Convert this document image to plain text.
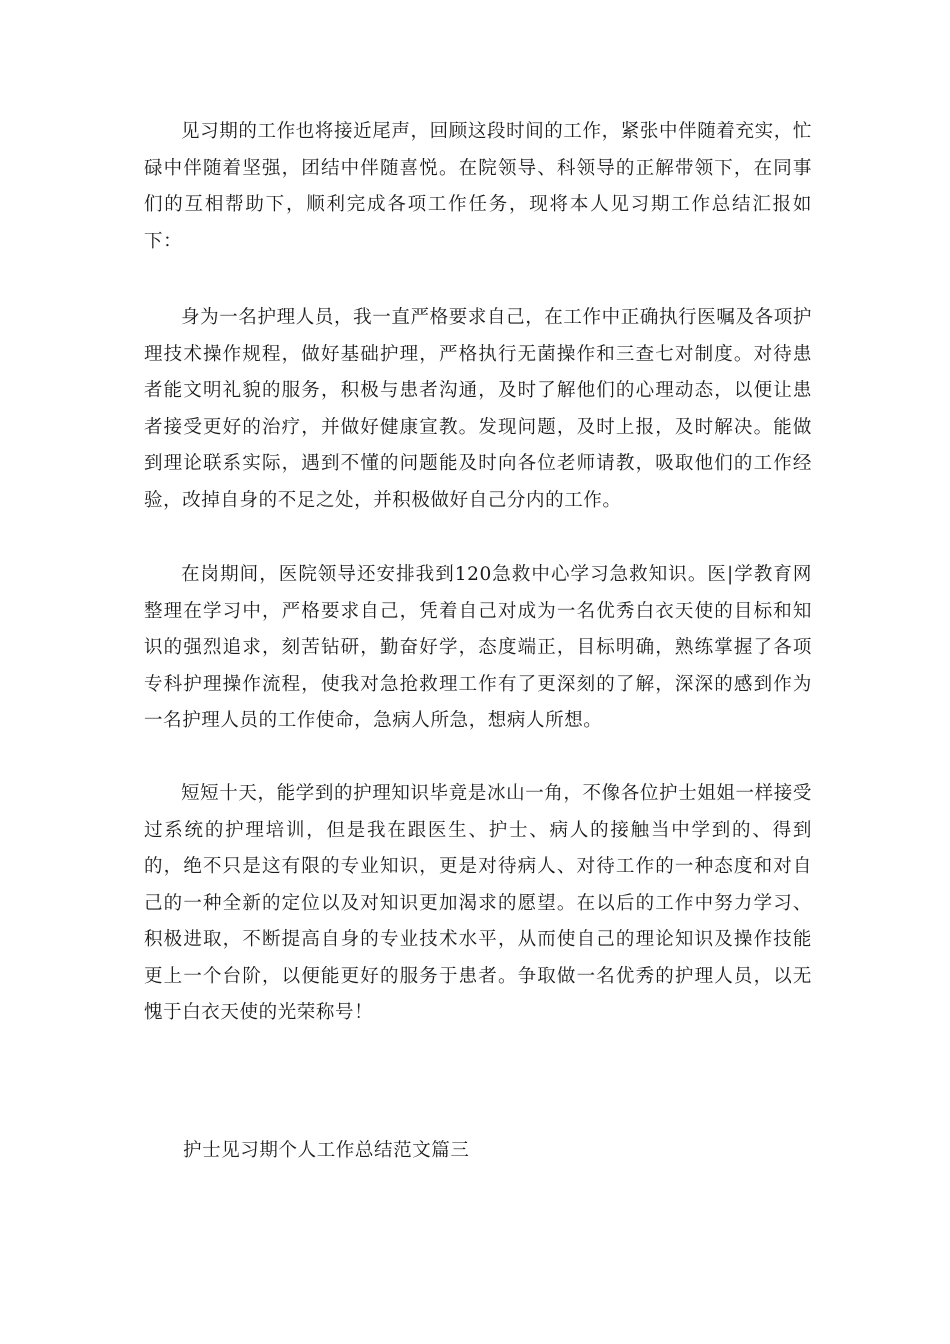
见习期的工作也将接近尾声，回顾这段时间的工作，紧张中伴随着充实，忙碌中伴随着坚强，团结中伴随喜悦。在院领导、科领导的正解带领下，在同事们的互相帮助下，顺利完成各项工作任务，现将本人见习期工作总结汇报如下：

身为一名护理人员，我一直严格要求自己，在工作中正确执行医嘱及各项护理技术操作规程，做好基础护理，严格执行无菌操作和三查七对制度。对待患者能文明礼貌的服务，积极与患者沟通，及时了解他们的心理动态，以便让患者接受更好的治疗，并做好健康宣教。发现问题，及时上报，及时解决。能做到理论联系实际，遇到不懂的问题能及时向各位老师请教，吸取他们的工作经验，改掉自身的不足之处，并积极做好自己分内的工作。

在岗期间，医院领导还安排我到120急救中心学习急救知识。医|学教育网整理在学习中，严格要求自己，凭着自己对成为一名优秀白衣天使的目标和知识的强烈追求，刻苦钻研，勤奋好学，态度端正，目标明确，熟练掌握了各项专科护理操作流程，使我对急抢救理工作有了更深刻的了解，深深的感到作为一名护理人员的工作使命，急病人所急，想病人所想。

短短十天，能学到的护理知识毕竟是冰山一角，不像各位护士姐姐一样接受过系统的护理培训，但是我在跟医生、护士、病人的接触当中学到的、得到的，绝不只是这有限的专业知识，更是对待病人、对待工作的一种态度和对自己的一种全新的定位以及对知识更加渴求的愿望。在以后的工作中努力学习、积极进取，不断提高自身的专业技术水平，从而使自己的理论知识及操作技能更上一个台阶，以便能更好的服务于患者。争取做一名优秀的护理人员，以无愧于白衣天使的光荣称号！

护士见习期个人工作总结范文篇三
